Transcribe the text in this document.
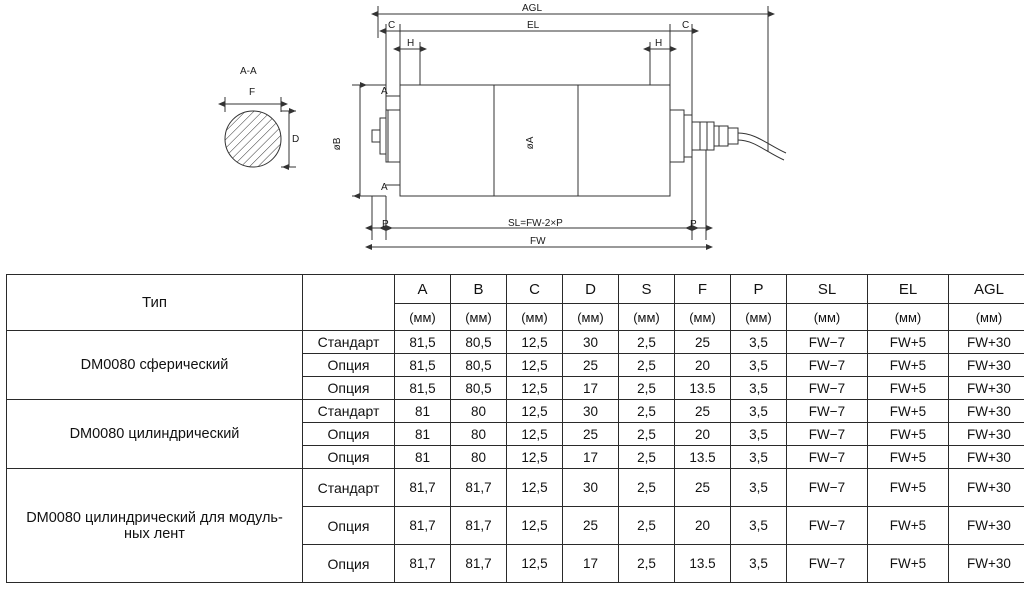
A-A
F
D
AGL
EL
C	C
H	H
A
A
øB	øA
P	P
SL=FW-2×P
FW
Тип		A	B	C	D	S	F	P	SL	EL	AGL
		(мм)	(мм)	(мм)	(мм)	(мм)	(мм)	(мм)	(мм)	(мм)	(мм)
DM0080 сферический	Стандарт	81,5	80,5	12,5	30	2,5	25	3,5	FW−7	FW+5	FW+30
	Опция	81,5	80,5	12,5	25	2,5	20	3,5	FW−7	FW+5	FW+30
	Опция	81,5	80,5	12,5	17	2,5	13.5	3,5	FW−7	FW+5	FW+30
DM0080 цилиндрический	Стандарт	81	80	12,5	30	2,5	25	3,5	FW−7	FW+5	FW+30
	Опция	81	80	12,5	25	2,5	20	3,5	FW−7	FW+5	FW+30
	Опция	81	80	12,5	17	2,5	13.5	3,5	FW−7	FW+5	FW+30
DM0080 цилиндрический для модуль-ных лент	Стандарт	81,7	81,7	12,5	30	2,5	25	3,5	FW−7	FW+5	FW+30
	Опция	81,7	81,7	12,5	25	2,5	20	3,5	FW−7	FW+5	FW+30
	Опция	81,7	81,7	12,5	17	2,5	13.5	3,5	FW−7	FW+5	FW+30
